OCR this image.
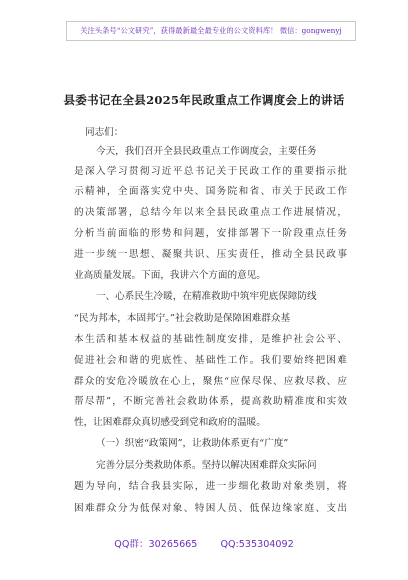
关注头条号“公文研究”，获得最新最全最专业的公文资料库！ 微信：gongwenyj
县委书记在全县2025年民政重点工作调度会上的讲话
同志们：
今天，我们召开全县民政重点工作调度会，主要任务
是深入学习贯彻习近平总书记关于民政工作的重要指示批
示精神，全面落实党中央、国务院和省、市关于民政工作
的决策部署，总结今年以来全县民政重点工作进展情况，
分析当前面临的形势和问题，安排部署下一阶段重点任务
进一步统一思想、凝聚共识、压实责任，推动全县民政事
业高质量发展。下面，我讲六个方面的意见。
一、心系民生冷暖，在精准救助中筑牢兜底保障防线
“民为邦本，本固邦宁。”社会救助是保障困难群众基
本生活和基本权益的基础性制度安排，是维护社会公平、
促进社会和谐的兜底性、基础性工作。我们要始终把困难
群众的安危冷暖放在心上，聚焦“应保尽保、应救尽救、应
帮尽帮”，不断完善社会救助体系，提高救助精准度和实效
性，让困难群众真切感受到党和政府的温暖。
（一）织密“政策网”，让救助体系更有“广度”
完善分层分类救助体系。坚持以解决困难群众实际问
题为导向，结合我县实际，进一步细化救助对象类别，将
困难群众分为低保对象、特困人员、低保边缘家庭、支出
QQ群：30265665 QQ:535304092
